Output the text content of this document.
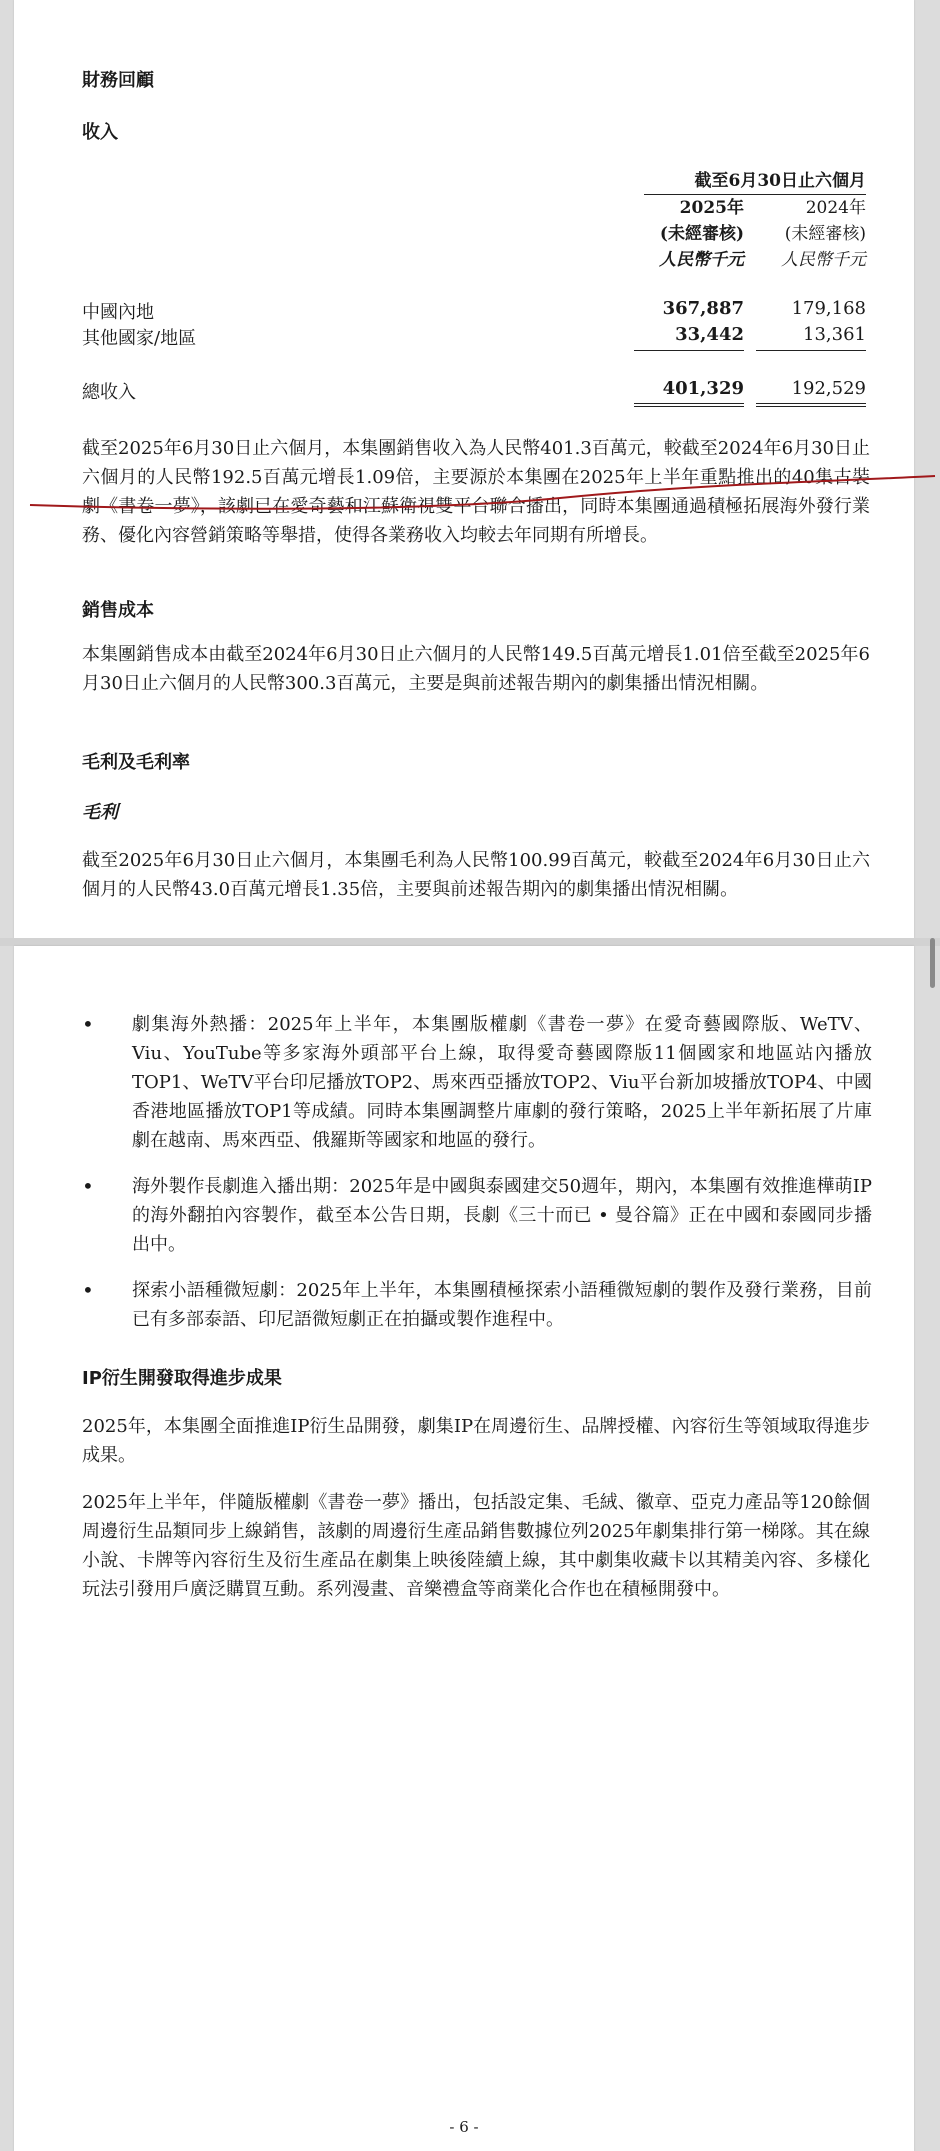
財務回顧
收入
截至6月30日止六個月
2025年	2024年
(未經審核)	(未經審核)
人民幣千元	人民幣千元
中國內地	367,887	179,168
其他國家/地區	33,442	13,361
總收入	401,329	192,529
截至2025年6月30日止六個月，本集團銷售收入為人民幣401.3百萬元，較截至2024年6月30日止六個月的人民幣192.5百萬元增長1.09倍，主要源於本集團在2025年上半年重點推出的40集古裝劇《書卷一夢》，該劇已在愛奇藝和江蘇衛視雙平台聯合播出，同時本集團通過積極拓展海外發行業務、優化內容營銷策略等舉措，使得各業務收入均較去年同期有所增長。
銷售成本
本集團銷售成本由截至2024年6月30日止六個月的人民幣149.5百萬元增長1.01倍至截至2025年6月30日止六個月的人民幣300.3百萬元，主要是與前述報告期內的劇集播出情況相關。
毛利及毛利率
毛利
截至2025年6月30日止六個月，本集團毛利為人民幣100.99百萬元，較截至2024年6月30日止六個月的人民幣43.0百萬元增長1.35倍，主要與前述報告期內的劇集播出情況相關。
• 劇集海外熱播：2025年上半年，本集團版權劇《書卷一夢》在愛奇藝國際版、WeTV、Viu、YouTube等多家海外頭部平台上線，取得愛奇藝國際版11個國家和地區站內播放TOP1、WeTV平台印尼播放TOP2、馬來西亞播放TOP2、Viu平台新加坡播放TOP4、中國香港地區播放TOP1等成績。同時本集團調整片庫劇的發行策略，2025上半年新拓展了片庫劇在越南、馬來西亞、俄羅斯等國家和地區的發行。
• 海外製作長劇進入播出期：2025年是中國與泰國建交50週年，期內，本集團有效推進樺萌IP的海外翻拍內容製作，截至本公告日期，長劇《三十而已 • 曼谷篇》正在中國和泰國同步播出中。
• 探索小語種微短劇：2025年上半年，本集團積極探索小語種微短劇的製作及發行業務，目前已有多部泰語、印尼語微短劇正在拍攝或製作進程中。
IP衍生開發取得進步成果
2025年，本集團全面推進IP衍生品開發，劇集IP在周邊衍生、品牌授權、內容衍生等領域取得進步成果。
2025年上半年，伴隨版權劇《書卷一夢》播出，包括設定集、毛絨、徽章、亞克力產品等120餘個周邊衍生品類同步上線銷售，該劇的周邊衍生產品銷售數據位列2025年劇集排行第一梯隊。其在線小說、卡牌等內容衍生及衍生產品在劇集上映後陸續上線，其中劇集收藏卡以其精美內容、多樣化玩法引發用戶廣泛購買互動。系列漫畫、音樂禮盒等商業化合作也在積極開發中。
- 6 -
